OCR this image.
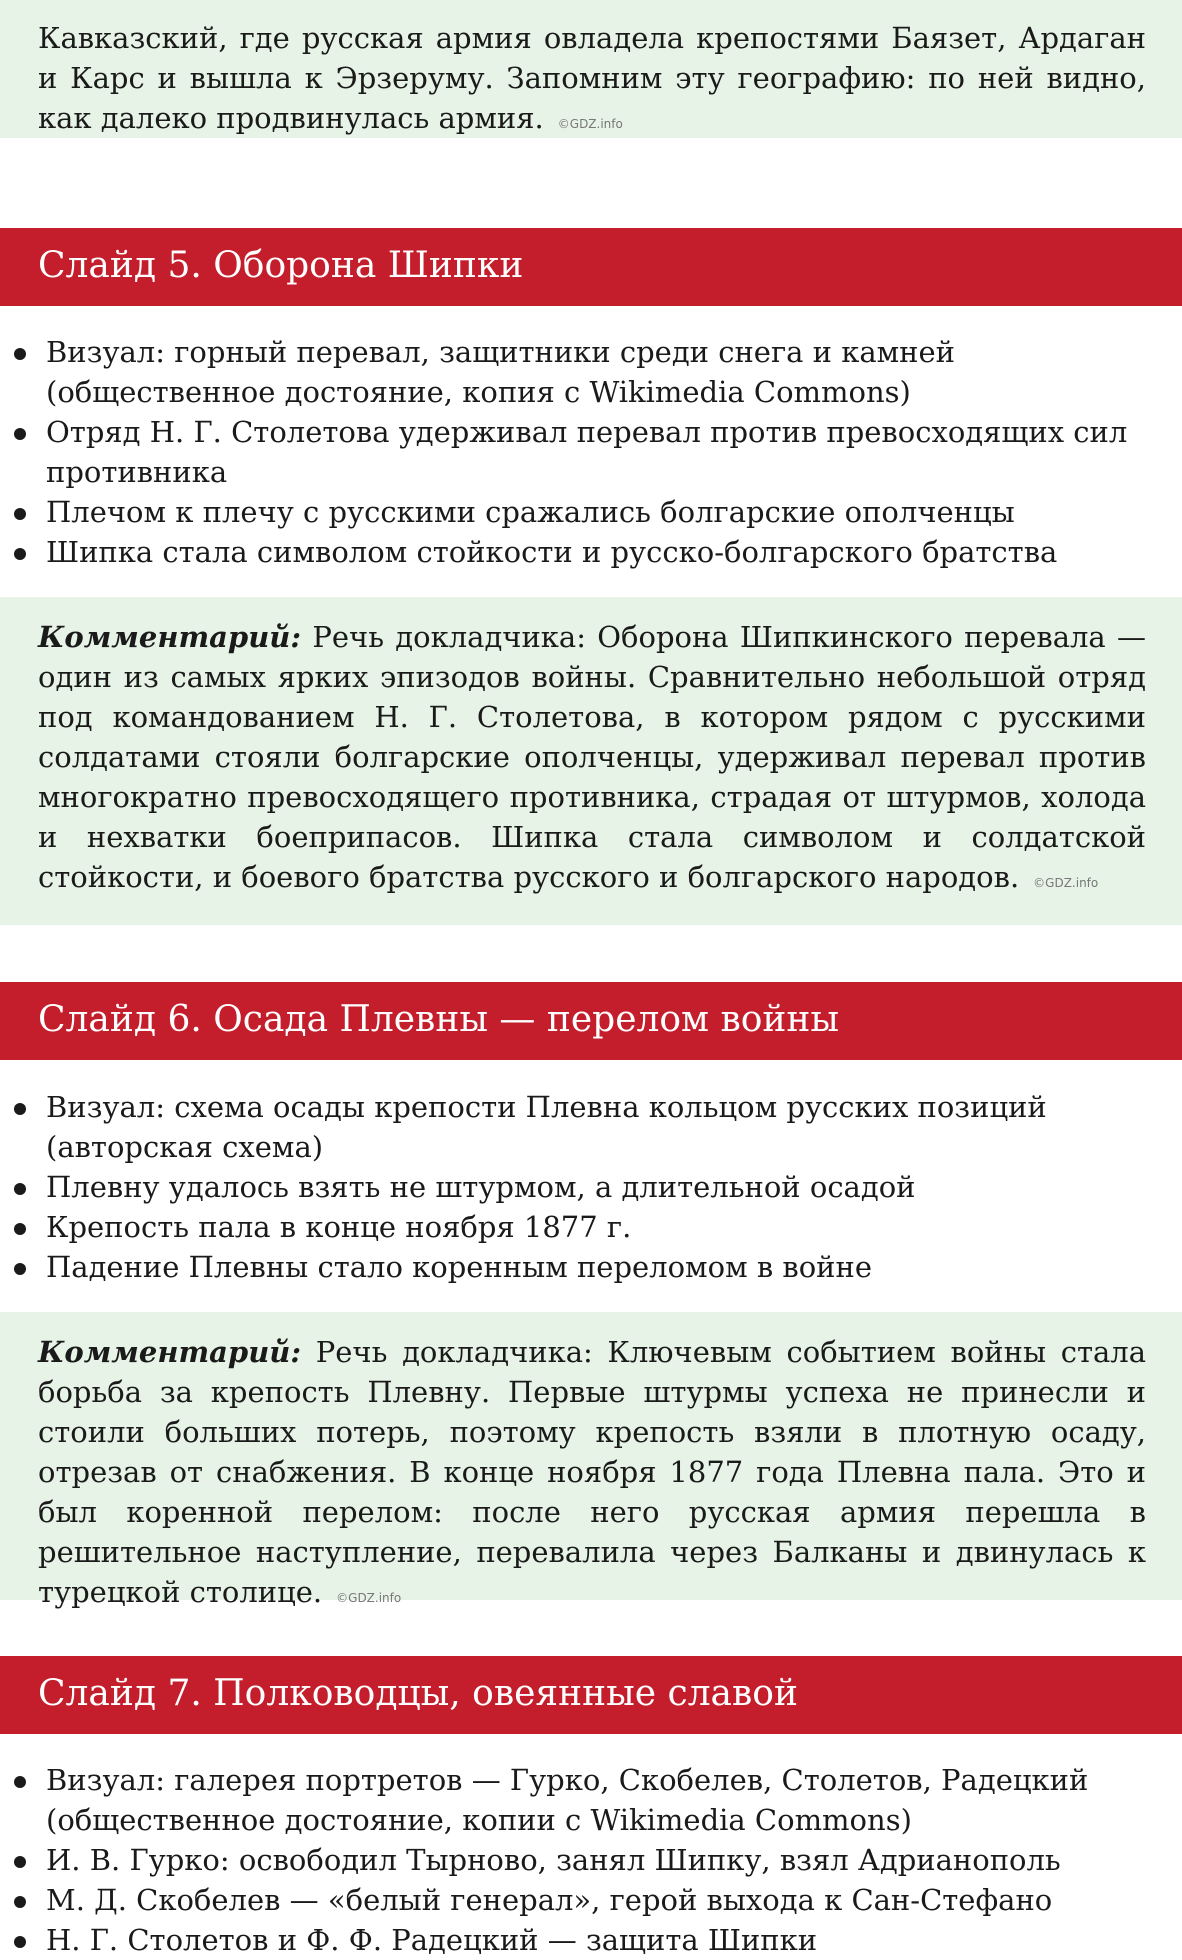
Кавказский, где русская армия овладела крепостями Баязет, Ардаган и Карс и вышла к Эрзеруму. Запомним эту географию: по ней видно, как далеко продвинулась армия. ©GDZ.info
Слайд 5. Оборона Шипки
Визуал: горный перевал, защитники среди снега и камней (общественное достояние, копия с Wikimedia Commons)
Отряд Н. Г. Столетова удерживал перевал против превосходящих сил противника
Плечом к плечу с русскими сражались болгарские ополченцы
Шипка стала символом стойкости и русско-болгарского братства
Комментарий: Речь докладчика: Оборона Шипкинского перевала — один из самых ярких эпизодов войны. Сравнительно небольшой отряд под командованием Н. Г. Столетова, в котором рядом с русскими солдатами стояли болгарские ополченцы, удерживал перевал против многократно превосходящего противника, страдая от штурмов, холода и нехватки боеприпасов. Шипка стала символом и солдатской стойкости, и боевого братства русского и болгарского народов. ©GDZ.info
Слайд 6. Осада Плевны — перелом войны
Визуал: схема осады крепости Плевна кольцом русских позиций (авторская схема)
Плевну удалось взять не штурмом, а длительной осадой
Крепость пала в конце ноября 1877 г.
Падение Плевны стало коренным переломом в войне
Комментарий: Речь докладчика: Ключевым событием войны стала борьба за крепость Плевну. Первые штурмы успеха не принесли и стоили больших потерь, поэтому крепость взяли в плотную осаду, отрезав от снабжения. В конце ноября 1877 года Плевна пала. Это и был коренной перелом: после него русская армия перешла в решительное наступление, перевалила через Балканы и двинулась к турецкой столице. ©GDZ.info
Слайд 7. Полководцы, овеянные славой
Визуал: галерея портретов — Гурко, Скобелев, Столетов, Радецкий (общественное достояние, копии с Wikimedia Commons)
И. В. Гурко: освободил Тырново, занял Шипку, взял Адрианополь
М. Д. Скобелев — «белый генерал», герой выхода к Сан-Стефано
Н. Г. Столетов и Ф. Ф. Радецкий — защита Шипки
